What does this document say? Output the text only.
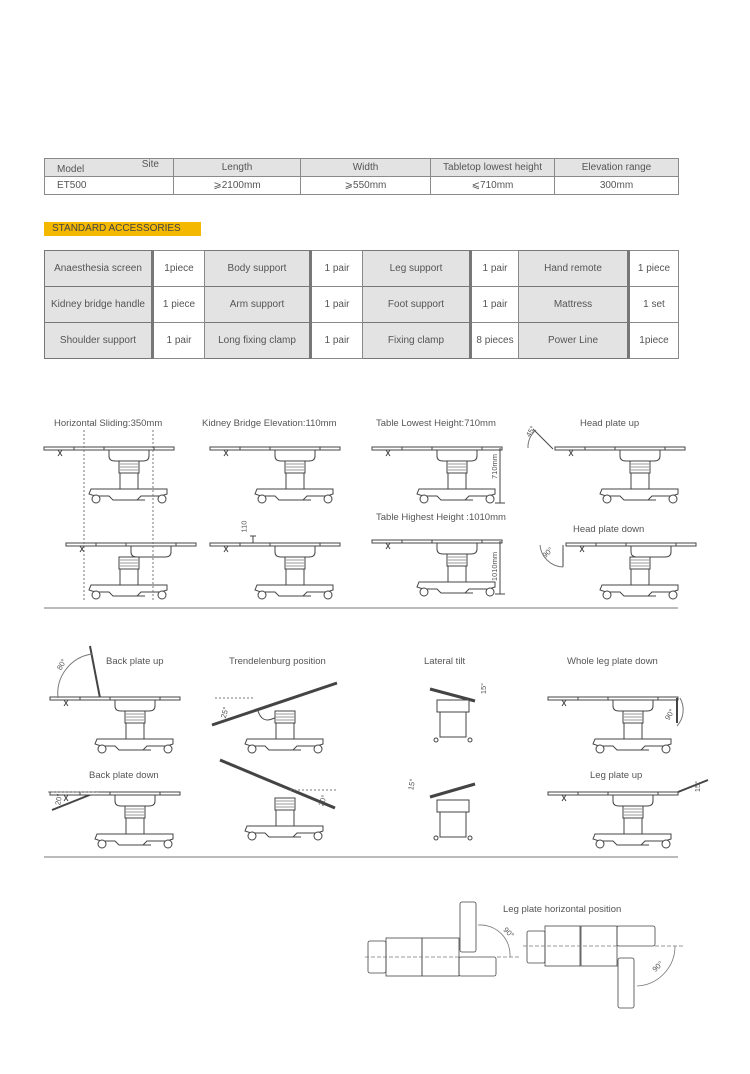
Model Site	Length	Width	Tabletop lowest height	Elevation range
ET500	⩾2100mm	⩾550mm	⩽710mm	300mm
STANDARD ACCESSORIES
Anaesthesia screen	1piece	Body support	1 pair	Leg support	1 pair	Hand remote	1 piece
Kidney bridge handle	1 piece	Arm support	1 pair	Foot support	1 pair	Mattress	1 set
Shoulder support	1 pair	Long fixing clamp	1 pair	Fixing clamp	8 pieces	Power Line	1piece
Horizontal Sliding:350mm	Kidney Bridge Elevation:110mm
110
Table Lowest Height:710mm
710mm
Table Highest Height :1010mm
1010mm
Head plate up
45°
Head plate down
90°
Back plate up
80°	Trendelenburg position
25°
Lateral tilt
15°
Whole leg plate down
90°
Back plate down
20°	20°
15°
Leg plate up
15°
Leg plate horizontal position
90°
90°
